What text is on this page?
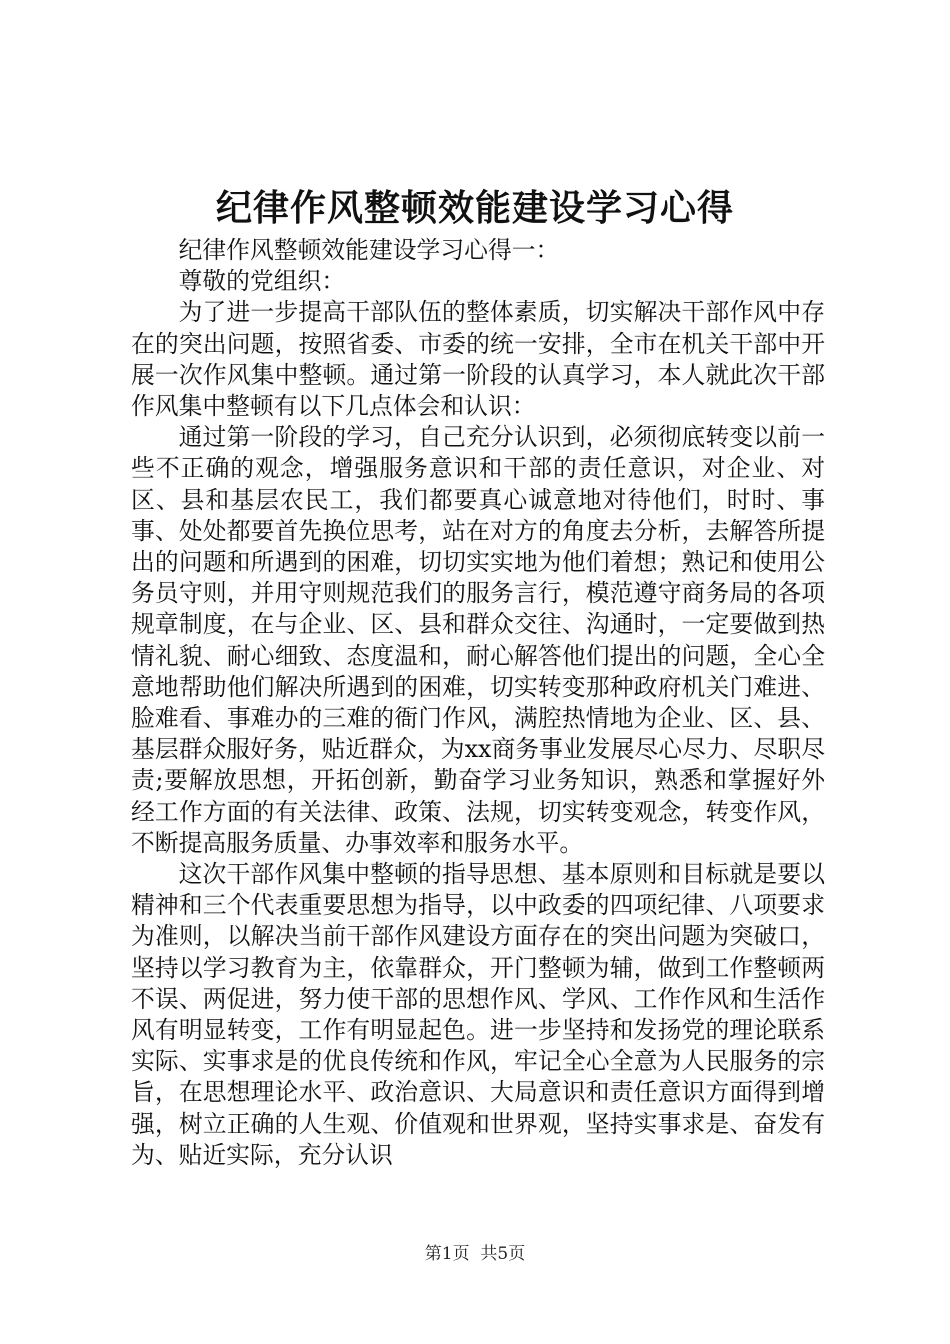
纪律作风整顿效能建设学习心得

纪律作风整顿效能建设学习心得一：

尊敬的党组织：

为了进一步提高干部队伍的整体素质，切实解决干部作风中存在的突出问题，按照省委、市委的统一安排，全市在机关干部中开展一次作风集中整顿。通过第一阶段的认真学习，本人就此次干部作风集中整顿有以下几点体会和认识：

通过第一阶段的学习，自己充分认识到，必须彻底转变以前一些不正确的观念，增强服务意识和干部的责任意识，对企业、对区、县和基层农民工，我们都要真心诚意地对待他们，时时、事事、处处都要首先换位思考，站在对方的角度去分析，去解答所提出的问题和所遇到的困难，切切实实地为他们着想；熟记和使用公务员守则，并用守则规范我们的服务言行，模范遵守商务局的各项规章制度，在与企业、区、县和群众交往、沟通时，一定要做到热情礼貌、耐心细致、态度温和，耐心解答他们提出的问题，全心全意地帮助他们解决所遇到的困难，切实转变那种政府机关门难进、脸难看、事难办的三难的衙门作风，满腔热情地为企业、区、县、基层群众服好务，贴近群众，为xx商务事业发展尽心尽力、尽职尽责;要解放思想，开拓创新，勤奋学习业务知识，熟悉和掌握好外经工作方面的有关法律、政策、法规，切实转变观念，转变作风，不断提高服务质量、办事效率和服务水平。

这次干部作风集中整顿的指导思想、基本原则和目标就是要以精神和三个代表重要思想为指导，以中政委的四项纪律、八项要求为准则，以解决当前干部作风建设方面存在的突出问题为突破口，坚持以学习教育为主，依靠群众，开门整顿为辅，做到工作整顿两不误、两促进，努力使干部的思想作风、学风、工作作风和生活作风有明显转变，工作有明显起色。进一步坚持和发扬党的理论联系实际、实事求是的优良传统和作风，牢记全心全意为人民服务的宗旨，在思想理论水平、政治意识、大局意识和责任意识方面得到增强，树立正确的人生观、价值观和世界观，坚持实事求是、奋发有为、贴近实际，充分认识

第1页 共5页
